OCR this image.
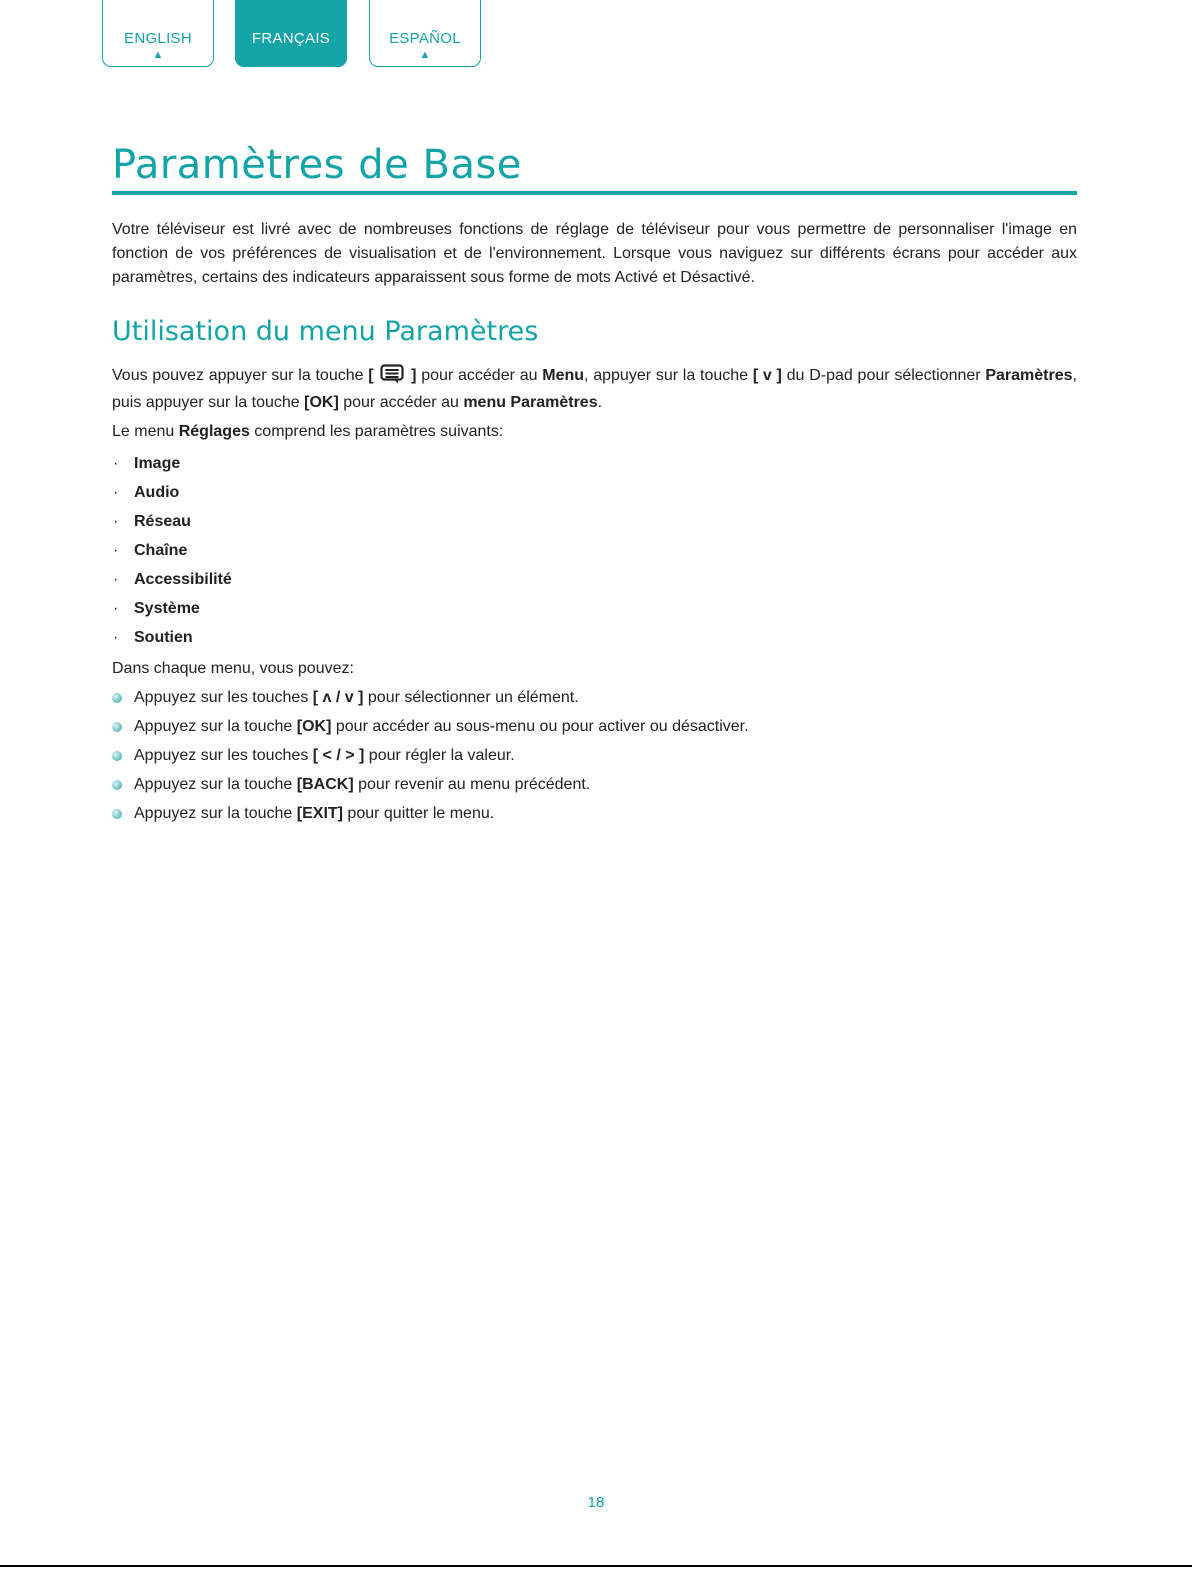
ENGLISH
▲
FRANÇAIS	ESPAÑOL
▲
Paramètres de Base

Votre téléviseur est livré avec de nombreuses fonctions de réglage de téléviseur pour vous permettre de personnaliser l'image en fonction de vos préférences de visualisation et de l'environnement. Lorsque vous naviguez sur différents écrans pour accéder aux paramètres, certains des indicateurs apparaissent sous forme de mots Activé et Désactivé.

Utilisation du menu Paramètres

Vous pouvez appuyer sur la touche [  ] pour accéder au Menu, appuyer sur la touche [ v ] du D-pad pour sélectionner Paramètres, puis appuyer sur la touche [OK] pour accéder au menu Paramètres.

Le menu Réglages comprend les paramètres suivants:

· Image
· Audio
· Réseau
· Chaîne
· Accessibilité
· Système
· Soutien

Dans chaque menu, vous pouvez:

Appuyez sur les touches [ ʌ / v ] pour sélectionner un élément.
Appuyez sur la touche [OK] pour accéder au sous-menu ou pour activer ou désactiver.
Appuyez sur les touches [ < / > ] pour régler la valeur.
Appuyez sur la touche [BACK] pour revenir au menu précédent.
Appuyez sur la touche [EXIT] pour quitter le menu.
18
